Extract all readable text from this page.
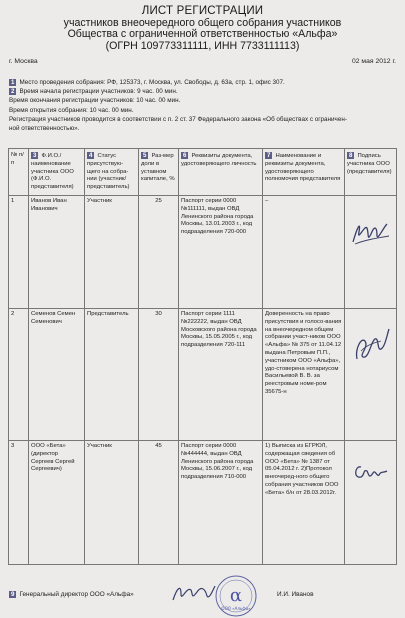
ЛИСТ РЕГИСТРАЦИИ
участников внеочередного общего собрания участников
Общества с ограниченной ответственностью «Альфа»
(ОГРН 109773311111, ИНН 7733111113)
г. Москва	02 мая 2012 г.
1 Место проведения собрания: РФ, 125373, г. Москва, ул. Свободы, д. 63а, стр. 1, офис 307.
2 Время начала регистрации участников: 9 час. 00 мин.
Время окончания регистрации участников: 10 час. 00 мин.
Время открытия собрания: 10 час. 00 мин.
Регистрация участников проводится в соответствии с п. 2 ст. 37 Федерального закона «Об обществах с ограничен-
ной ответственностью».
№ п/п	3 Ф.И.О./ наименование участника ООО (Ф.И.О. представителя)	4 Статус присутствую-щего на собра-нии (участник/ представитель)	5 Раз-мер доли в уставном капитале, %	6 Реквизиты документа, удостоверяющего личность	7 Наименование и реквизиты документа, удостоверяющего полномочия представителя	8 Подпись участника ООО (представителя)
1	Иванов Иван Иванович	Участник	25	Паспорт серии 0000 №111111, выдан ОВД Ленинского района города Москвы, 13.01.2003 г., код подразделения 720-000	–	

2	Семенов Семен Семенович	Представитель	30	Паспорт серии 1111 №222222, выдан ОВД Московского района города Москвы, 15.05.2005 г., код подразделения 720-111	Доверенность на право присутствия и голосо-вания на внеочередном общем собрании участ-ников ООО «Альфа» № 375 от 11.04.12 выдана Петровым П.П., участником ООО «Альфа», удо-стоверена нотариусом Васильевой В. В. за реестровым номе-ром 35675-н	

3	ООО «Бета» (директор Сергеев Сергей Сергеевич)	Участник	45	Паспорт серии 0000 №444444, выдан ОВД Ленинского района города Москвы, 15.06.2007 г., код подразделения 710-000	1) Выписка из ЕГРЮЛ, содержащая сведения об ООО «Бета» № 1387 от 05.04.2012 г. 2)Протокол внеочеред-ного общего собрания участников ООО «Бета» б/н от 28.03.2012г.	
9 Генеральный директор ООО «Альфа»	α
ООО «Альфа»
И.И. Иванов
